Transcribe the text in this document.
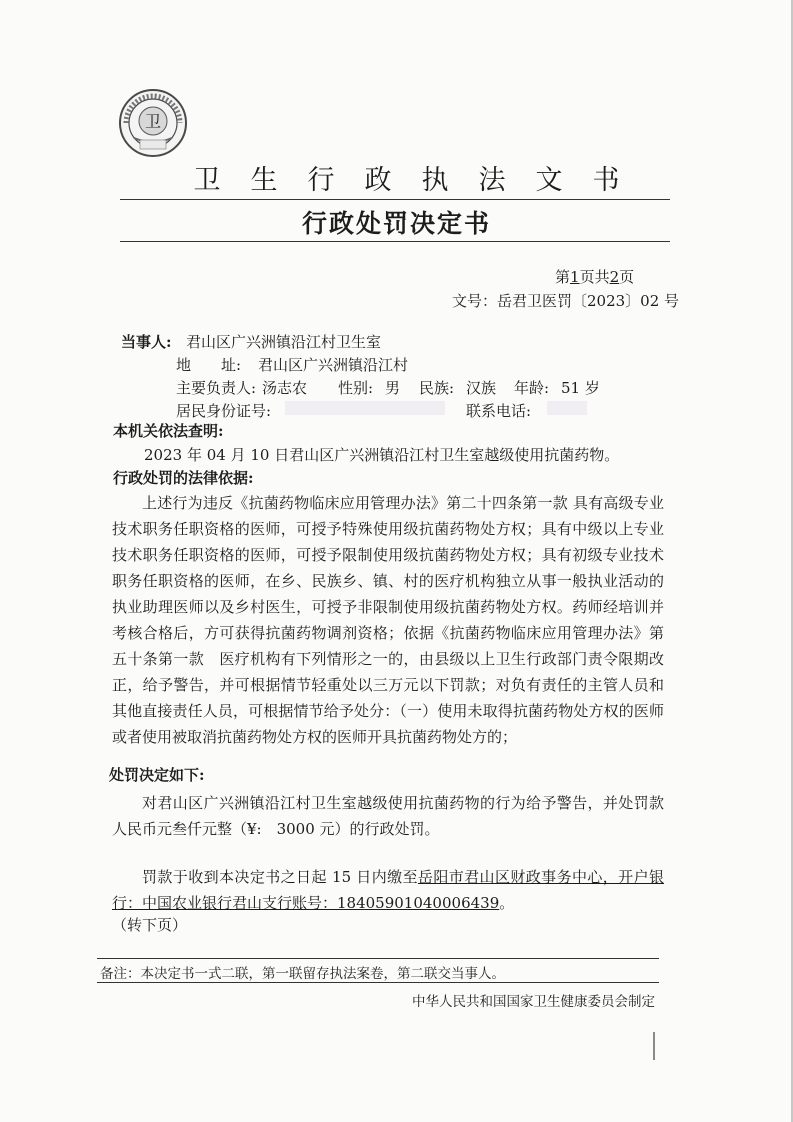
卫
卫生行政执法文书
行政处罚决定书
第1页共2页
文号：岳君卫医罚〔2023〕02 号
当事人: 君山区广兴洲镇沿江村卫生室
地　　址: 君山区广兴洲镇沿江村
主要负责人: 汤志农 性别: 男 民族: 汉族 年龄: 51 岁
居民身份证号:	联系电话:
本机关依法查明:
2023 年 04 月 10 日君山区广兴洲镇沿江村卫生室越级使用抗菌药物。
行政处罚的法律依据:
上述行为违反《抗菌药物临床应用管理办法》第二十四条第一款 具有高级专业技术职务任职资格的医师，可授予特殊使用级抗菌药物处方权；具有中级以上专业技术职务任职资格的医师，可授予限制使用级抗菌药物处方权；具有初级专业技术职务任职资格的医师，在乡、民族乡、镇、村的医疗机构独立从事一般执业活动的执业助理医师以及乡村医生，可授予非限制使用级抗菌药物处方权。药师经培训并考核合格后，方可获得抗菌药物调剂资格；依据《抗菌药物临床应用管理办法》第五十条第一款　医疗机构有下列情形之一的，由县级以上卫生行政部门责令限期改正，给予警告，并可根据情节轻重处以三万元以下罚款；对负有责任的主管人员和其他直接责任人员，可根据情节给予处分：（一）使用未取得抗菌药物处方权的医师或者使用被取消抗菌药物处方权的医师开具抗菌药物处方的；
处罚决定如下:
对君山区广兴洲镇沿江村卫生室越级使用抗菌药物的行为给予警告，并处罚款人民币元叁仟元整（¥:　3000 元）的行政处罚。
罚款于收到本决定书之日起 15 日内缴至岳阳市君山区财政事务中心，开户银行：中国农业银行君山支行账号：18405901040006439。
（转下页）
备注：本决定书一式二联，第一联留存执法案卷，第二联交当事人。
中华人民共和国国家卫生健康委员会制定
